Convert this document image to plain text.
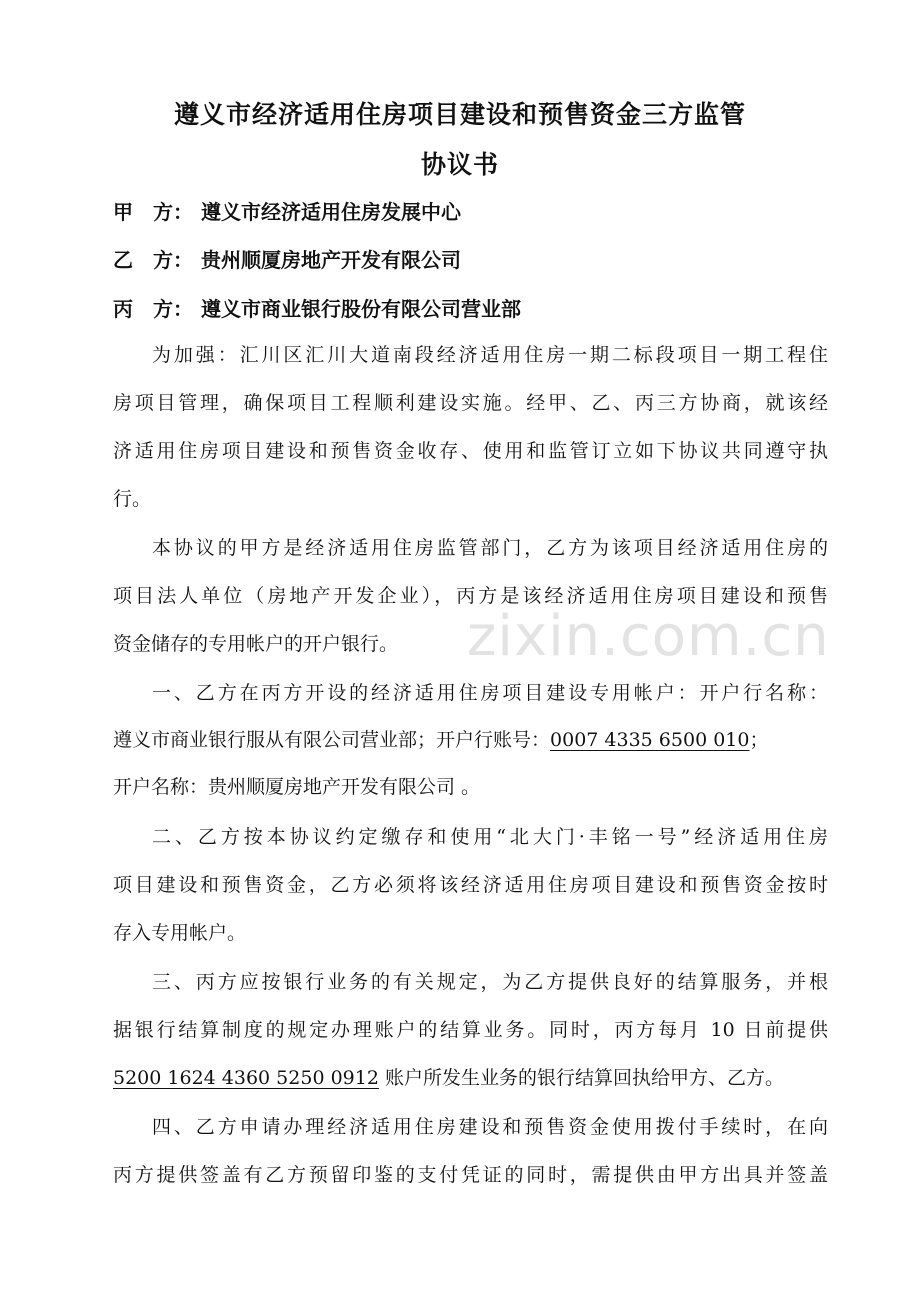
遵义市经济适用住房项目建设和预售资金三方监管
协议书
甲　方： 遵义市经济适用住房发展中心
乙　方： 贵州顺厦房地产开发有限公司
丙　方： 遵义市商业银行股份有限公司营业部
为加强：汇川区汇川大道南段经济适用住房一期二标段项目一期工程住
房项目管理，确保项目工程顺利建设实施。经甲、乙、丙三方协商，就该经
济适用住房项目建设和预售资金收存、使用和监管订立如下协议共同遵守执
行。
本协议的甲方是经济适用住房监管部门，乙方为该项目经济适用住房的
项目法人单位（房地产开发企业），丙方是该经济适用住房项目建设和预售
资金储存的专用帐户的开户银行。
一、乙方在丙方开设的经济适用住房项目建设专用帐户：开户行名称：
遵义市商业银行服从有限公司营业部；开户行账号：0007 4335 6500 010；
开户名称：贵州顺厦房地产开发有限公司 。
二、乙方按本协议约定缴存和使用“北大门·丰铭一号”经济适用住房
项目建设和预售资金，乙方必须将该经济适用住房项目建设和预售资金按时
存入专用帐户。
三、丙方应按银行业务的有关规定，为乙方提供良好的结算服务，并根
据银行结算制度的规定办理账户的结算业务。同时，丙方每月 10 日前提供
5200 1624 4360 5250 0912 账户所发生业务的银行结算回执给甲方、乙方。
四、乙方申请办理经济适用住房建设和预售资金使用拨付手续时，在向
丙方提供签盖有乙方预留印鉴的支付凭证的同时，需提供由甲方出具并签盖
zixin.com.cn
